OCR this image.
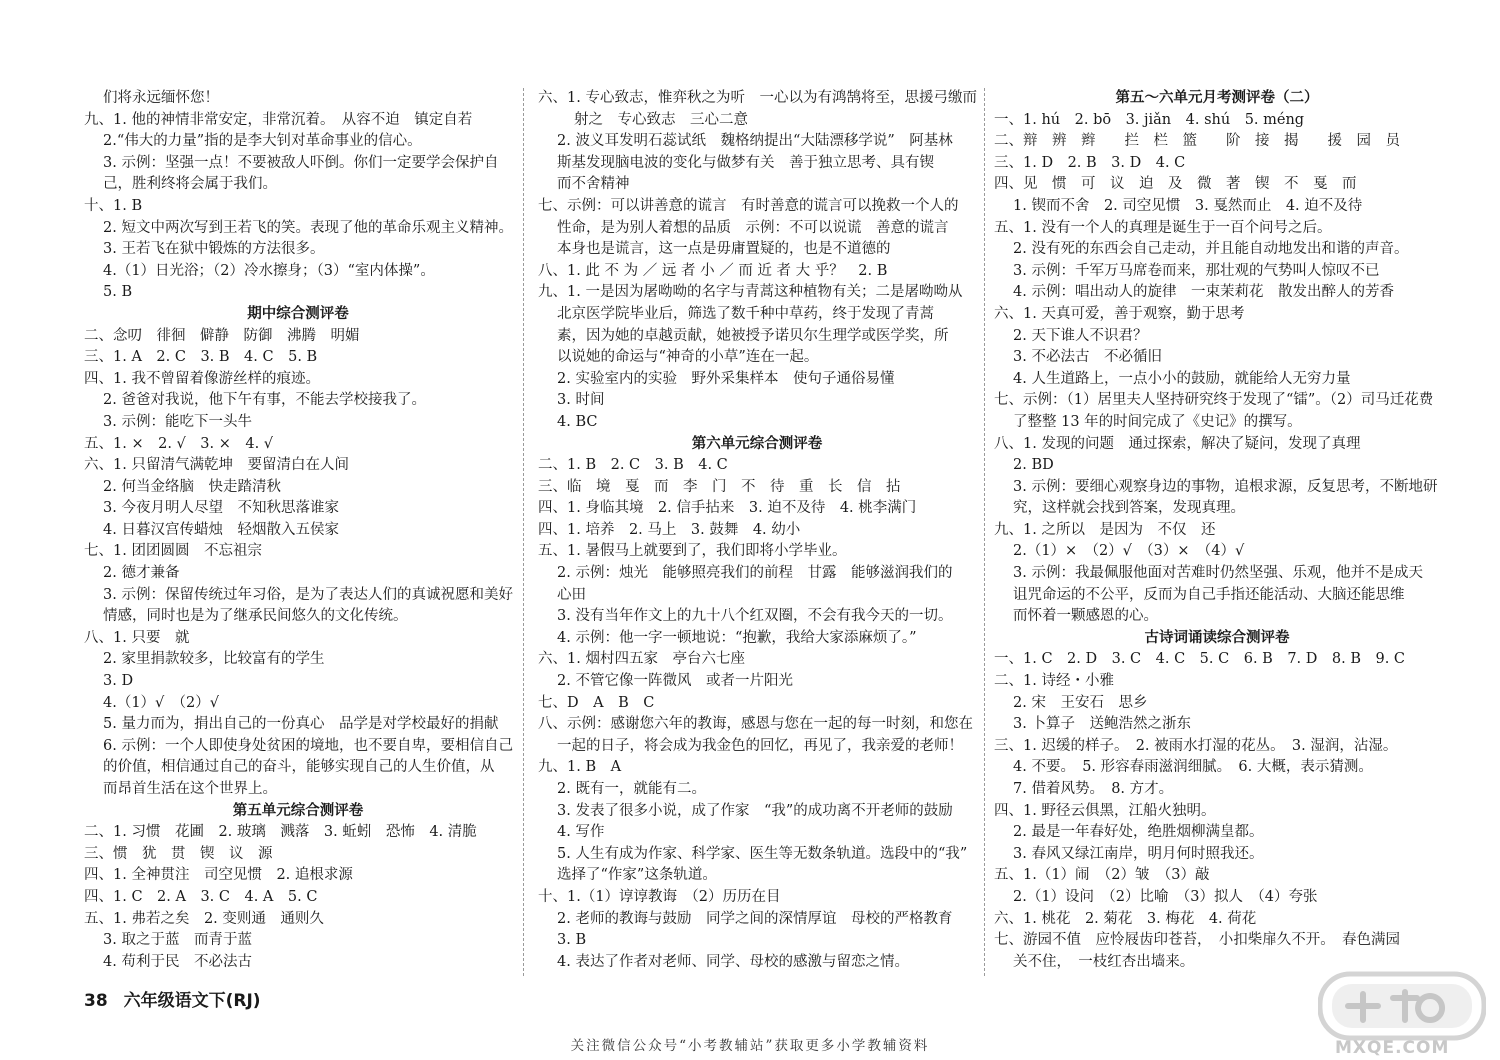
们将永远缅怀您！
九、1. 他的神情非常安定，非常沉着。　从容不迫　镇定自若
2.“伟大的力量”指的是李大钊对革命事业的信心。
3. 示例：坚强一点！不要被敌人吓倒。你们一定要学会保护自
己，胜利终将会属于我们。
十、1. B
2. 短文中两次写到王若飞的笑。表现了他的革命乐观主义精神。
3. 王若飞在狱中锻炼的方法很多。
4.（1）日光浴；（2）冷水擦身；（3）“室内体操”。
5. B
期中综合测评卷
二、念叨　徘徊　僻静　防御　沸腾　明媚
三、1. A　2. C　3. B　4. C　5. B
四、1. 我不曾留着像游丝样的痕迹。
2. 爸爸对我说，他下午有事，不能去学校接我了。
3. 示例：能吃下一头牛
五、1. ×　2. √　3. ×　4. √
六、1. 只留清气满乾坤　要留清白在人间
2. 何当金络脑　快走踏清秋
3. 今夜月明人尽望　不知秋思落谁家
4. 日暮汉宫传蜡烛　轻烟散入五侯家
七、1. 团团圆圆　不忘祖宗
2. 德才兼备
3. 示例：保留传统过年习俗，是为了表达人们的真诚祝愿和美好
情感，同时也是为了继承民间悠久的文化传统。
八、1. 只要　就
2. 家里捐款较多，比较富有的学生
3. D
4.（1）√　（2）√
5. 量力而为，捐出自己的一份真心　品学是对学校最好的捐献
6. 示例：一个人即使身处贫困的境地，也不要自卑，要相信自己
的价值，相信通过自己的奋斗，能够实现自己的人生价值，从
而昂首生活在这个世界上。
第五单元综合测评卷
二、1. 习惯　花圃　2. 玻璃　溅落　3. 蚯蚓　恐怖　4. 清脆
三、惯　犹　贯　锲　议　源
四、1. 全神贯注　司空见惯　2. 追根求源
四、1. C　2. A　3. C　4. A　5. C
五、1. 弗若之矣　2. 变则通　通则久
3. 取之于蓝　而青于蓝
4. 苟利于民　不必法古
六、1. 专心致志，惟弈秋之为听　一心以为有鸿鹄将至，思援弓缴而
射之　专心致志　三心二意
2. 波义耳发明石蕊试纸　魏格纳提出“大陆漂移学说”　阿基林
斯基发现脑电波的变化与做梦有关　善于独立思考、具有锲
而不舍精神
七、示例：可以讲善意的谎言　有时善意的谎言可以挽救一个人的
性命，是为别人着想的品质　示例：不可以说谎　善意的谎言
本身也是谎言，这一点是毋庸置疑的，也是不道德的
八、1. 此 不 为 ／ 远 者 小 ／ 而 近 者 大 乎？　2. B
九、1. 一是因为屠呦呦的名字与青蒿这种植物有关；二是屠呦呦从
北京医学院毕业后，筛选了数千种中草药，终于发现了青蒿
素，因为她的卓越贡献，她被授予诺贝尔生理学或医学奖，所
以说她的命运与“神奇的小草”连在一起。
2. 实验室内的实验　野外采集样本　使句子通俗易懂
3. 时间
4. BC
第六单元综合测评卷
二、1. B　2. C　3. B　4. C
三、临　境　戛　而　李　门　不　待　重　长　信　拈
四、1. 身临其境　2. 信手拈来　3. 迫不及待　4. 桃李满门
四、1. 培养　2. 马上　3. 鼓舞　4. 幼小
五、1. 暑假马上就要到了，我们即将小学毕业。
2. 示例：烛光　能够照亮我们的前程　甘露　能够滋润我们的
心田
3. 没有当年作文上的九十八个红双圈，不会有我今天的一切。
4. 示例：他一字一顿地说：“抱歉，我给大家添麻烦了。”
六、1. 烟村四五家　亭台六七座
2. 不管它像一阵微风　或者一片阳光
七、D　A　B　C
八、示例：感谢您六年的教诲，感恩与您在一起的每一时刻，和您在
一起的日子，将会成为我金色的回忆，再见了，我亲爱的老师！
九、1. B　A
2. 既有一，就能有二。
3. 发表了很多小说，成了作家　“我”的成功离不开老师的鼓励
4. 写作
5. 人生有成为作家、科学家、医生等无数条轨道。选段中的“我”
选择了“作家”这条轨道。
十、1.（1）谆谆教诲　（2）历历在目
2. 老师的教诲与鼓励　同学之间的深情厚谊　母校的严格教育
3. B
4. 表达了作者对老师、同学、母校的感激与留恋之情。
第五～六单元月考测评卷（二）
一、1. hú　2. bō　3. jiǎn　4. shú　5. méng
二、辩　辨　辫　　拦　栏　篮　　阶　接　揭　　援　园　员
三、1. D　2. B　3. D　4. C
四、见　惯　可　议　迫　及　微　著　锲　不　戛　而
1. 锲而不舍　2. 司空见惯　3. 戛然而止　4. 迫不及待
五、1. 没有一个人的真理是诞生于一百个问号之后。
2. 没有死的东西会自己走动，并且能自动地发出和谐的声音。
3. 示例：千军万马席卷而来，那壮观的气势叫人惊叹不已
4. 示例：唱出动人的旋律　一束茉莉花　散发出醉人的芳香
六、1. 天真可爱，善于观察，勤于思考
2. 天下谁人不识君？
3. 不必法古　不必循旧
4. 人生道路上，一点小小的鼓励，就能给人无穷力量
七、示例：（1）居里夫人坚持研究终于发现了“镭”。（2）司马迁花费
了整整 13 年的时间完成了《史记》的撰写。
八、1. 发现的问题　通过探索，解决了疑问，发现了真理
2. BD
3. 示例：要细心观察身边的事物，追根求源，反复思考，不断地研
究，这样就会找到答案，发现真理。
九、1. 之所以　是因为　不仅　还
2.（1）×　（2）√　（3）×　（4）√
3. 示例：我最佩服他面对苦难时仍然坚强、乐观，他并不是成天
诅咒命运的不公平，反而为自己手指还能活动、大脑还能思维
而怀着一颗感恩的心。
古诗词诵读综合测评卷
一、1. C　2. D　3. C　4. C　5. C　6. B　7. D　8. B　9. C
二、1. 诗经・小雅
2. 宋　王安石　思乡
3. 卜算子　送鲍浩然之浙东
三、1. 迟缓的样子。　2. 被雨水打湿的花丛。　3. 湿润，沾湿。
4. 不要。　5. 形容春雨滋润细腻。　6. 大概，表示猜测。
7. 借着风势。　8. 方才。
四、1. 野径云俱黑，江船火独明。
2. 最是一年春好处，绝胜烟柳满皇都。
3. 春风又绿江南岸，明月何时照我还。
五、1.（1）闹　（2）皱　（3）敲
2.（1）设问　（2）比喻　（3）拟人　（4）夸张
六、1. 桃花　2. 菊花　3. 梅花　4. 荷花
七、游园不值　应怜屐齿印苍苔，　小扣柴扉久不开。　春色满园
关不住，　一枝红杏出墙来。
38 六年级语文下(RJ)
关注微信公众号“小考教辅站”获取更多小学教辅资料	MXQE.COM
